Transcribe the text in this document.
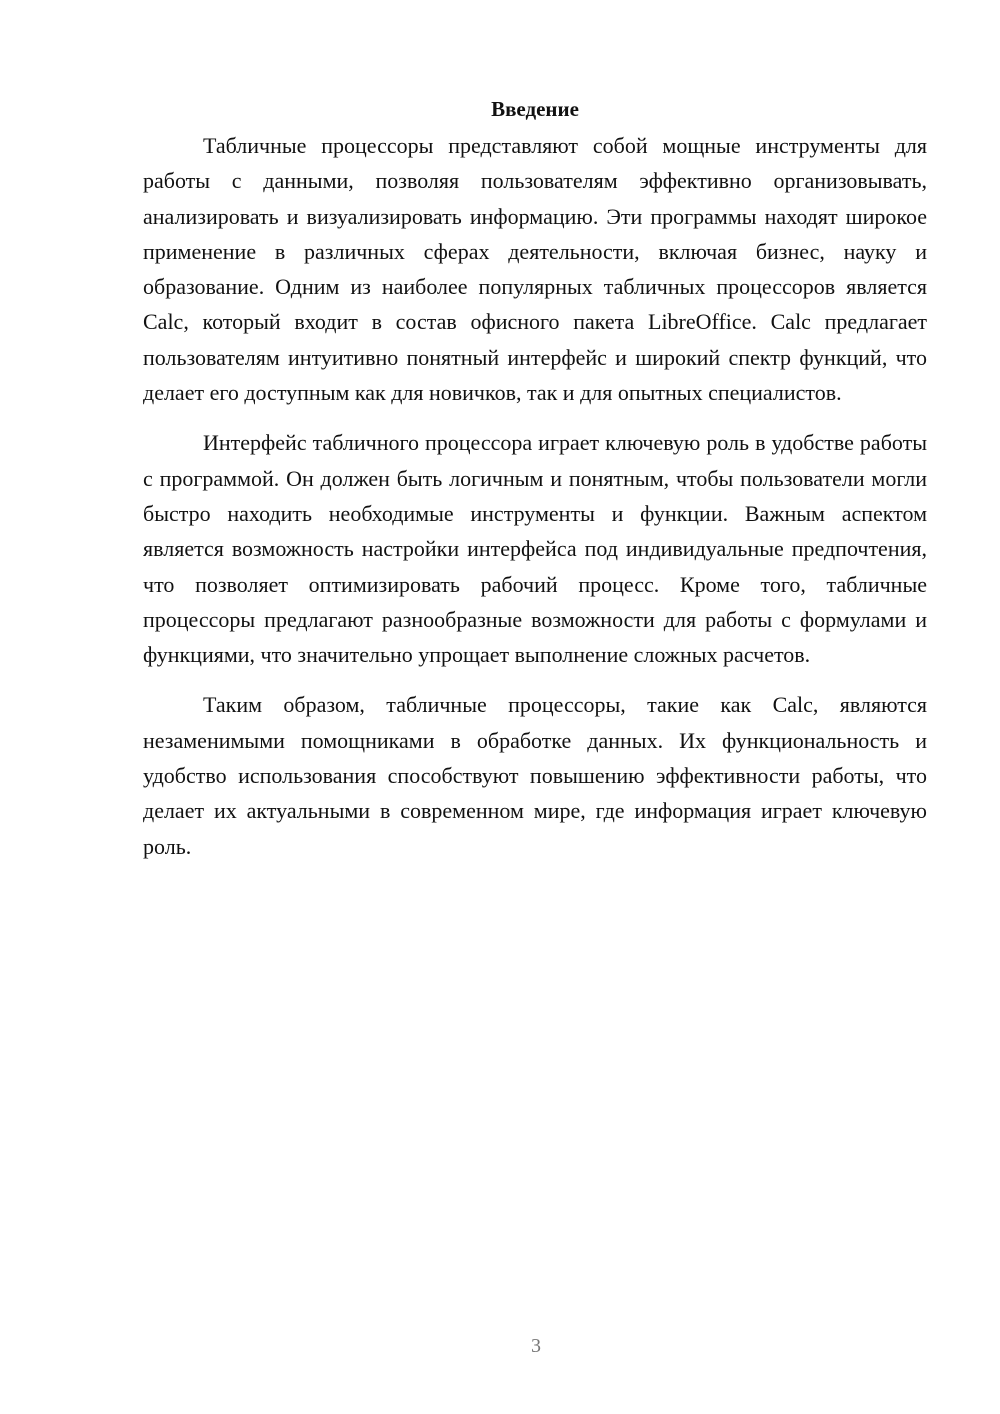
Введение

Табличные процессоры представляют собой мощные инструменты для работы с данными, позволяя пользователям эффективно организовывать, анализировать и визуализировать информацию. Эти программы находят широкое применение в различных сферах деятельности, включая бизнес, науку и образование. Одним из наиболее популярных табличных процессоров является Calc, который входит в состав офисного пакета LibreOffice. Calc предлагает пользователям интуитивно понятный интерфейс и широкий спектр функций, что делает его доступным как для новичков, так и для опытных специалистов.

Интерфейс табличного процессора играет ключевую роль в удобстве работы с программой. Он должен быть логичным и понятным, чтобы пользователи могли быстро находить необходимые инструменты и функции. Важным аспектом является возможность настройки интерфейса под индивидуальные предпочтения, что позволяет оптимизировать рабочий процесс. Кроме того, табличные процессоры предлагают разнообразные возможности для работы с формулами и функциями, что значительно упрощает выполнение сложных расчетов.

Таким образом, табличные процессоры, такие как Calc, являются незаменимыми помощниками в обработке данных. Их функциональность и удобство использования способствуют повышению эффективности работы, что делает их актуальными в современном мире, где информация играет ключевую роль.

3
